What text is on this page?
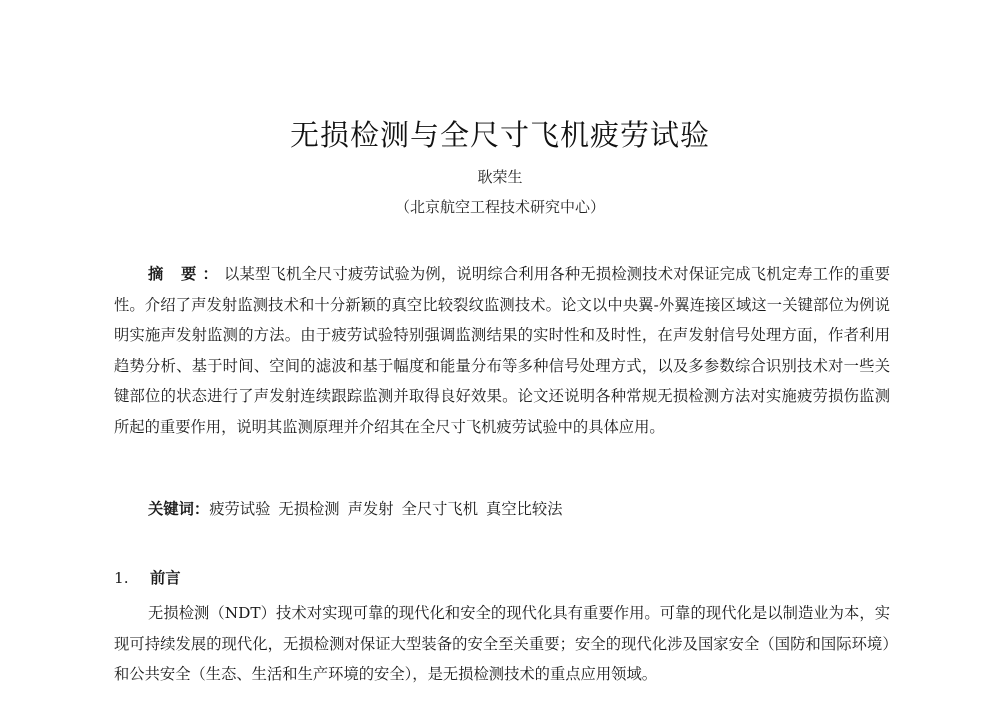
无损检测与全尺寸飞机疲劳试验
耿荣生
（北京航空工程技术研究中心）

摘 要：以某型飞机全尺寸疲劳试验为例，说明综合利用各种无损检测技术对保证完成飞机定寿工作的重要性。介绍了声发射监测技术和十分新颖的真空比较裂纹监测技术。论文以中央翼-外翼连接区域这一关键部位为例说明实施声发射监测的方法。由于疲劳试验特别强调监测结果的实时性和及时性，在声发射信号处理方面，作者利用趋势分析、基于时间、空间的滤波和基于幅度和能量分布等多种信号处理方式，以及多参数综合识别技术对一些关键部位的状态进行了声发射连续跟踪监测并取得良好效果。论文还说明各种常规无损检测方法对实施疲劳损伤监测所起的重要作用，说明其监测原理并介绍其在全尺寸飞机疲劳试验中的具体应用。

关键词：疲劳试验 无损检测 声发射 全尺寸飞机 真空比较法
1. 前言

无损检测（NDT）技术对实现可靠的现代化和安全的现代化具有重要作用。可靠的现代化是以制造业为本，实现可持续发展的现代化，无损检测对保证大型装备的安全至关重要；安全的现代化涉及国家安全（国防和国际环境）和公共安全（生态、生活和生产环境的安全），是无损检测技术的重点应用领域。
